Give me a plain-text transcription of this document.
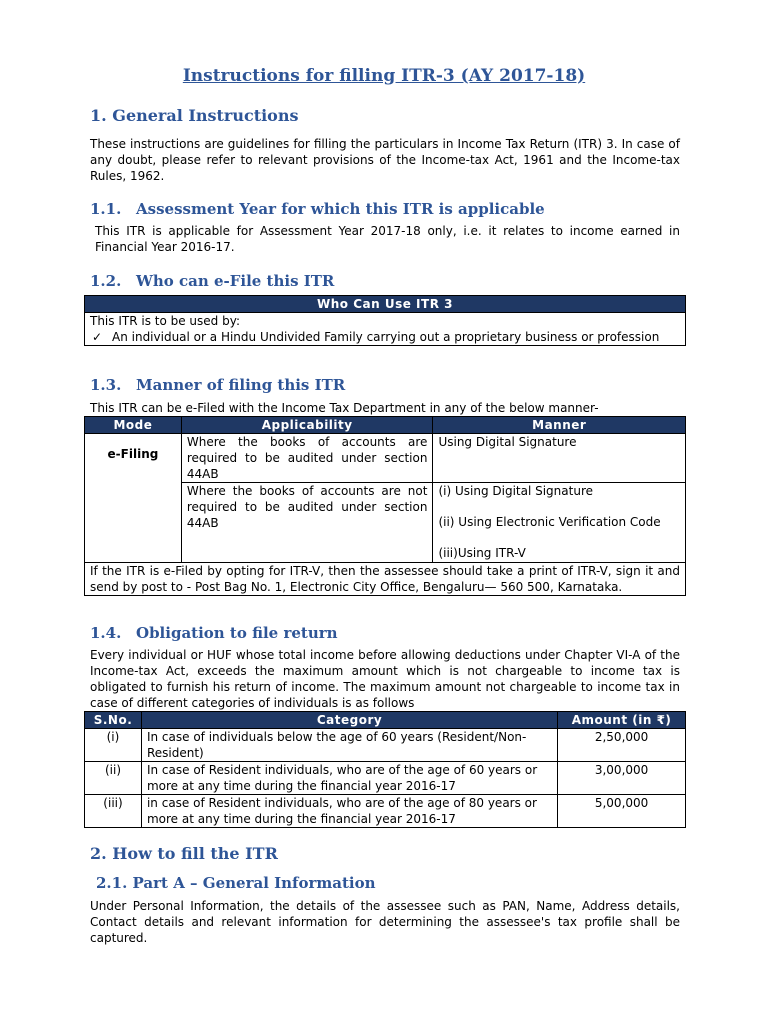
Instructions for filling ITR-3 (AY 2017-18)
1. General Instructions
These instructions are guidelines for filling the particulars in Income Tax Return (ITR) 3. In case of any doubt, please refer to relevant provisions of the Income-tax Act, 1961 and the Income-tax Rules, 1962.
1.1. Assessment Year for which this ITR is applicable
This ITR is applicable for Assessment Year 2017-18 only, i.e. it relates to income earned in Financial Year 2016-17.
1.2. Who can e-File this ITR
Who Can Use ITR 3

This ITR is to be used by:
✓ An individual or a Hindu Undivided Family carrying out a proprietary business or profession
1.3. Manner of filing this ITR
This ITR can be e-Filed with the Income Tax Department in any of the below manner-
Mode	Applicability	Manner
e-Filing	Where the books of accounts are required to be audited under section 44AB	Using Digital Signature
	Where the books of accounts are not required to be audited under section 44AB	(i) Using Digital Signature
(ii) Using Electronic Verification Code
(iii)Using ITR-V

If the ITR is e-Filed by opting for ITR-V, then the assessee should take a print of ITR-V, sign it and send by post to - Post Bag No. 1, Electronic City Office, Bengaluru— 560 500, Karnataka.		
1.4. Obligation to file return
Every individual or HUF whose total income before allowing deductions under Chapter VI-A of the Income-tax Act, exceeds the maximum amount which is not chargeable to income tax is obligated to furnish his return of income. The maximum amount not chargeable to income tax in case of different categories of individuals is as follows
S.No.	Category	Amount (in ₹)
(i)	In case of individuals below the age of 60 years (Resident/Non-Resident)	2,50,000
(ii)	In case of Resident individuals, who are of the age of 60 years or more at any time during the financial year 2016-17	3,00,000
(iii)	in case of Resident individuals, who are of the age of 80 years or more at any time during the financial year 2016-17	5,00,000
2. How to fill the ITR
2.1. Part A – General Information
Under Personal Information, the details of the assessee such as PAN, Name, Address details, Contact details and relevant information for determining the assessee's tax profile shall be captured.
